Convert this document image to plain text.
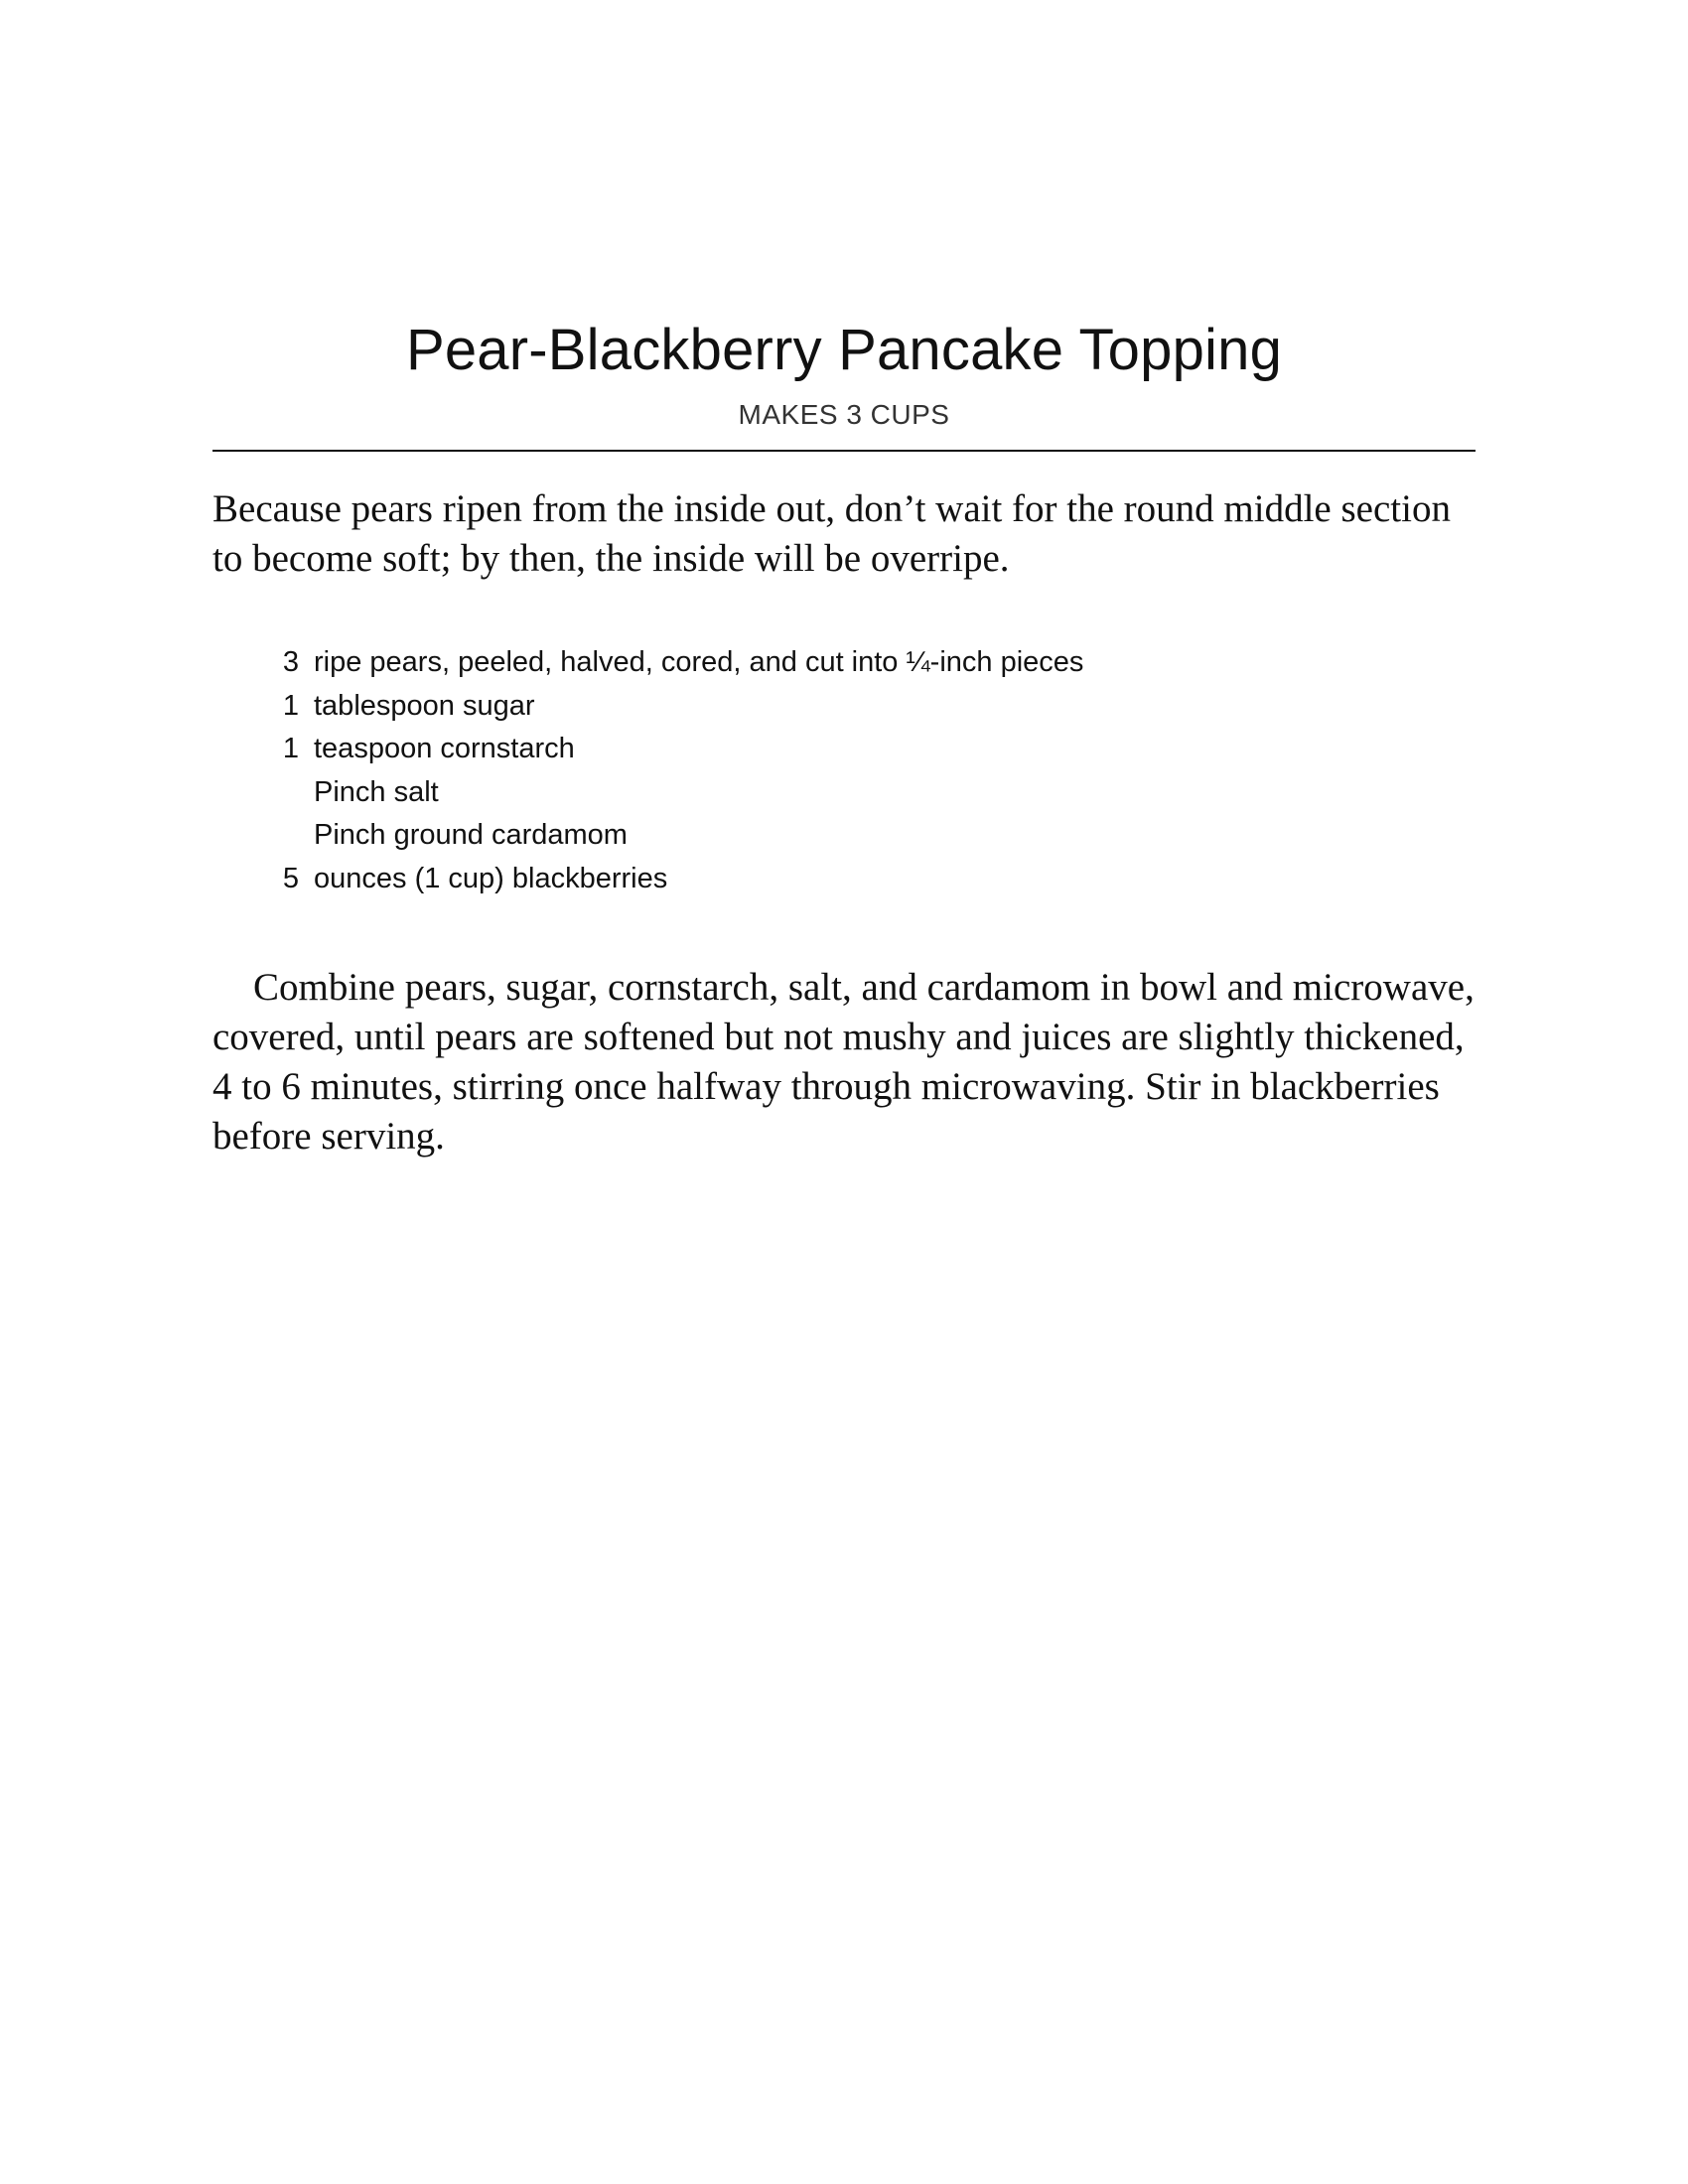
Pear-Blackberry Pancake Topping
MAKES 3 CUPS

Because pears ripen from the inside out, don’t wait for the round middle section to become soft; by then, the inside will be overripe.

3 ripe pears, peeled, halved, cored, and cut into ¼-inch pieces
1 tablespoon sugar
1 teaspoon cornstarch
Pinch salt
Pinch ground cardamom
5 ounces (1 cup) blackberries

Combine pears, sugar, cornstarch, salt, and cardamom in bowl and microwave, covered, until pears are softened but not mushy and juices are slightly thickened, 4 to 6 minutes, stirring once halfway through microwaving. Stir in blackberries before serving.
